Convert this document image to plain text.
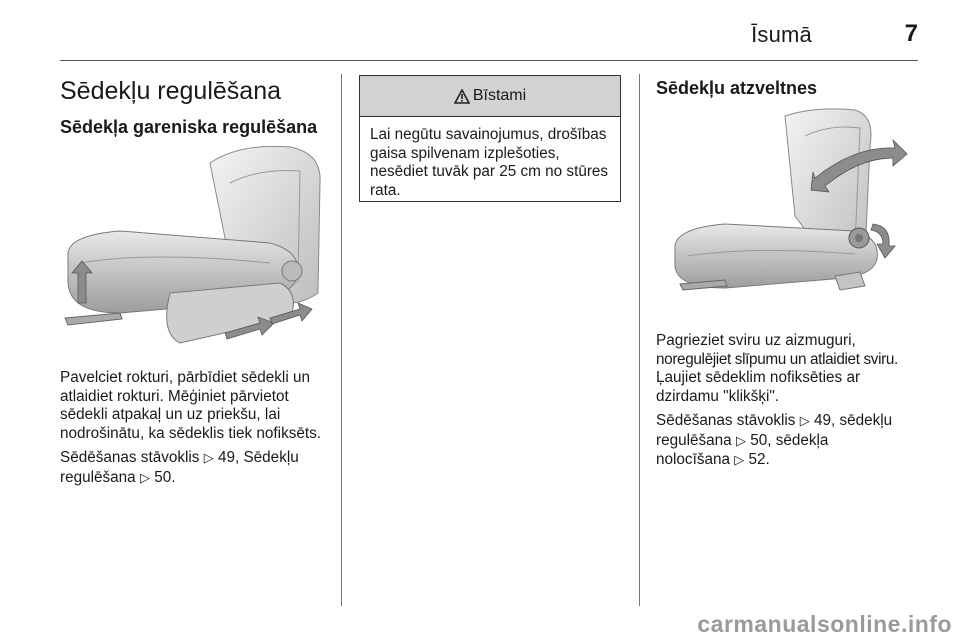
Īsumā	7
Sēdekļu regulēšana
Sēdekļa gareniska regulēšana

Pavelciet rokturi, pārbīdiet sēdekli un atlaidiet rokturi. Mēģiniet pārvietot sēdekli atpakaļ un uz priekšu, lai nodrošinātu, ka sēdeklis tiek nofiksēts.

Sēdēšanas stāvoklis ▷ 49, Sēdekļu
regulēšana ▷ 50.

Bīstami
Lai negūtu savainojumus, drošības gaisa spilvenam izplešoties, nesēdiet tuvāk par 25 cm no stūres rata.
Sēdekļu atzveltnes

Pagrieziet sviru uz aizmuguri,
noregulējiet slīpumu un atlaidiet sviru.
Ļaujiet sēdeklim nofiksēties ar
dzirdamu "klikšķi".

Sēdēšanas stāvoklis ▷ 49, sēdekļu
regulēšana ▷ 50, sēdekļa
nolocīšana ▷ 52.

carmanualsonline.info
